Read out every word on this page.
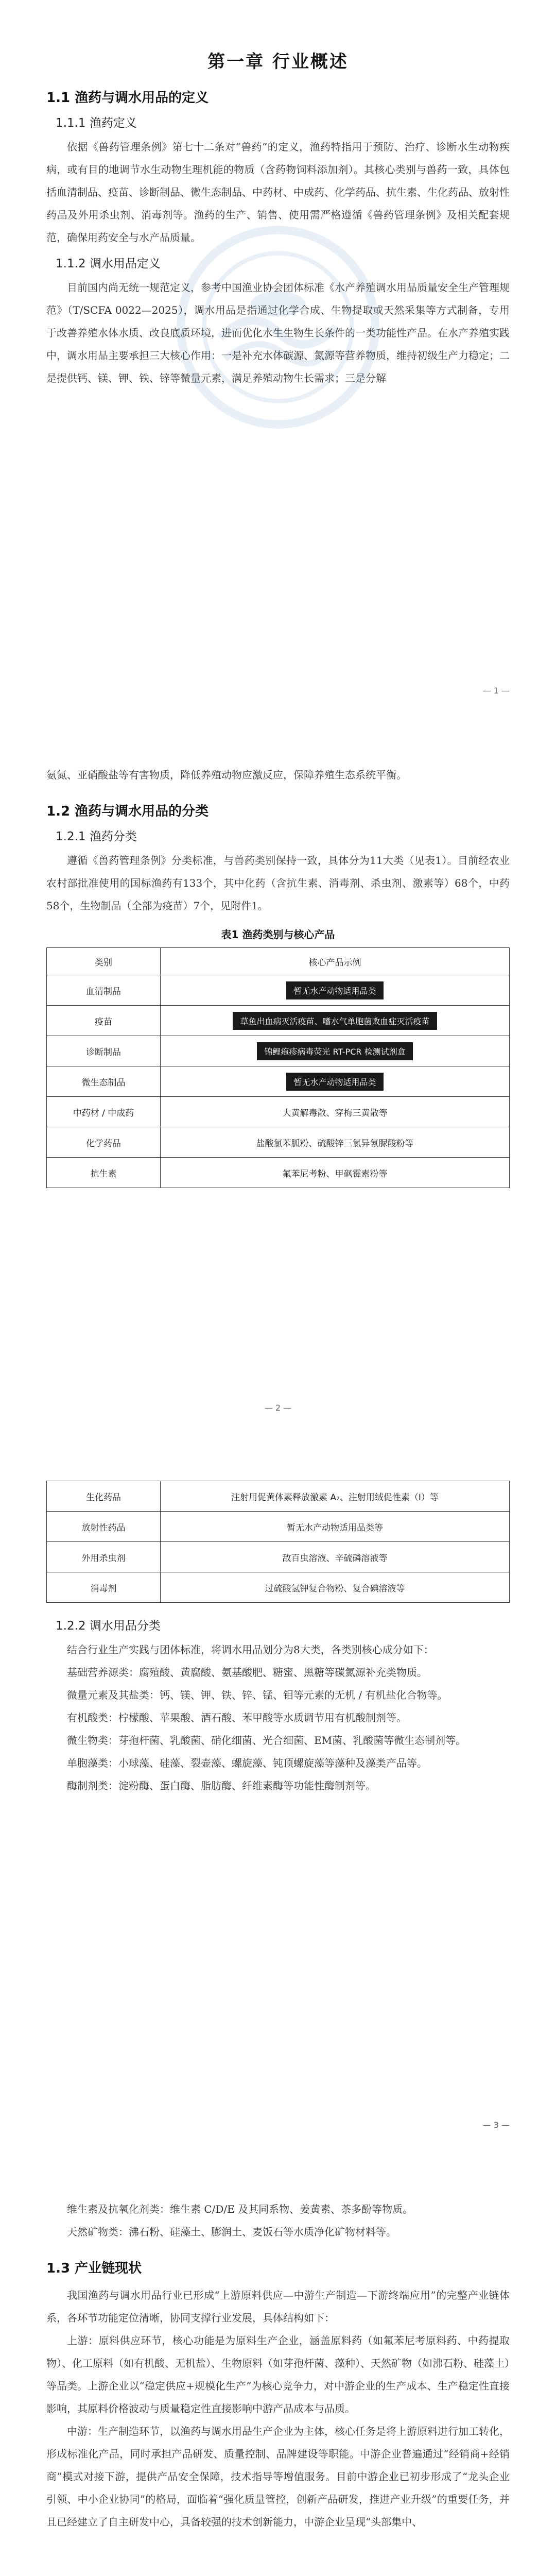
第一章 行业概述
1.1 渔药与调水用品的定义
1.1.1 渔药定义

依据《兽药管理条例》第七十二条对“兽药”的定义，渔药特指用于预防、治疗、诊断水生动物疾病，或有目的地调节水生动物生理机能的物质（含药物饲料添加剂）。其核心类别与兽药一致，具体包括血清制品、疫苗、诊断制品、微生态制品、中药材、中成药、化学药品、抗生素、生化药品、放射性药品及外用杀虫剂、消毒剂等。渔药的生产、销售、使用需严格遵循《兽药管理条例》及相关配套规范，确保用药安全与水产品质量。

1.1.2 调水用品定义

目前国内尚无统一规范定义，参考中国渔业协会团体标准《水产养殖调水用品质量安全生产管理规范》（T/SCFA 0022—2025），调水用品是指通过化学合成、生物提取或天然采集等方式制备，专用于改善养殖水体水质、改良底质环境，进而优化水生生物生长条件的一类功能性产品。在水产养殖实践中，调水用品主要承担三大核心作用：一是补充水体碳源、氮源等营养物质，维持初级生产力稳定；二是提供钙、镁、钾、铁、锌等微量元素，满足养殖动物生长需求；三是分解

— 1 —

氨氮、亚硝酸盐等有害物质，降低养殖动物应激反应，保障养殖生态系统平衡。

1.2 渔药与调水用品的分类
1.2.1 渔药分类

遵循《兽药管理条例》分类标准，与兽药类别保持一致，具体分为11大类（见表1）。目前经农业农村部批准使用的国标渔药有133个，其中化药（含抗生素、消毒剂、杀虫剂、激素等）68个，中药58个，生物制品（全部为疫苗）7个，见附件1。

表1 渔药类别与核心产品
类别	核心产品示例
血清制品	暂无水产动物适用品类
疫苗	草鱼出血病灭活疫苗、嗜水气单胞菌败血症灭活疫苗
诊断制品	锦鲤疱疹病毒荧光 RT-PCR 检测试剂盒
微生态制品	暂无水产动物适用品类
中药材 / 中成药	大黄解毒散、穿梅三黄散等
化学药品	盐酸氯苯胍粉、硫酸锌三氯异氰脲酸粉等
抗生素	氟苯尼考粉、甲砜霉素粉等
— 2 —
生化药品	注射用促黄体素释放激素 A₂、注射用绒促性素（Ⅰ）等
放射性药品	暂无水产动物适用品类等
外用杀虫剂	敌百虫溶液、辛硫磷溶液等
消毒剂	过硫酸氢钾复合物粉、复合碘溶液等
1.2.2 调水用品分类

结合行业生产实践与团体标准，将调水用品划分为8大类，各类别核心成分如下：

基础营养源类：腐殖酸、黄腐酸、氨基酸肥、糖蜜、黑糖等碳氮源补充类物质。

微量元素及其盐类：钙、镁、钾、铁、锌、锰、钼等元素的无机 / 有机盐化合物等。

有机酸类：柠檬酸、苹果酸、酒石酸、苯甲酸等水质调节用有机酸制剂等。

微生物类：芽孢杆菌、乳酸菌、硝化细菌、光合细菌、EM菌、乳酸菌等微生态制剂等。

单胞藻类：小球藻、硅藻、裂壶藻、螺旋藻、钝顶螺旋藻等藻种及藻类产品等。

酶制剂类：淀粉酶、蛋白酶、脂肪酶、纤维素酶等功能性酶制剂等。

— 3 —

维生素及抗氧化剂类：维生素 C/D/E 及其同系物、姜黄素、茶多酚等物质。

天然矿物类：沸石粉、硅藻土、膨润土、麦饭石等水质净化矿物材料等。

1.3 产业链现状

我国渔药与调水用品行业已形成“上游原料供应—中游生产制造—下游终端应用”的完整产业链体系，各环节功能定位清晰，协同支撑行业发展，具体结构如下：

上游：原料供应环节，核心功能是为原料生产企业，涵盖原料药（如氟苯尼考原料药、中药提取物）、化工原料（如有机酸、无机盐）、生物原料（如芽孢杆菌、藻种）、天然矿物（如沸石粉、硅藻土）等品类。上游企业以“稳定供应+规模化生产”为核心竞争力，对中游企业的生产成本、生产稳定性直接影响，其原料价格波动与质量稳定性直接影响中游产品成本与品质。

中游：生产制造环节，以渔药与调水用品生产企业为主体，核心任务是将上游原料进行加工转化，形成标准化产品，同时承担产品研发、质量控制、品牌建设等职能。中游企业普遍通过“经销商+经销商”模式对接下游，提供产品安全保障，技术指导等增值服务。目前中游企业已初步形成了“龙头企业引领、中小企业协同”的格局，面临着“强化质量管控，创新产品研发，推进产业升级”的重要任务，并且已经建立了自主研发中心，具备较强的技术创新能力，中游企业呈现“头部集中、
